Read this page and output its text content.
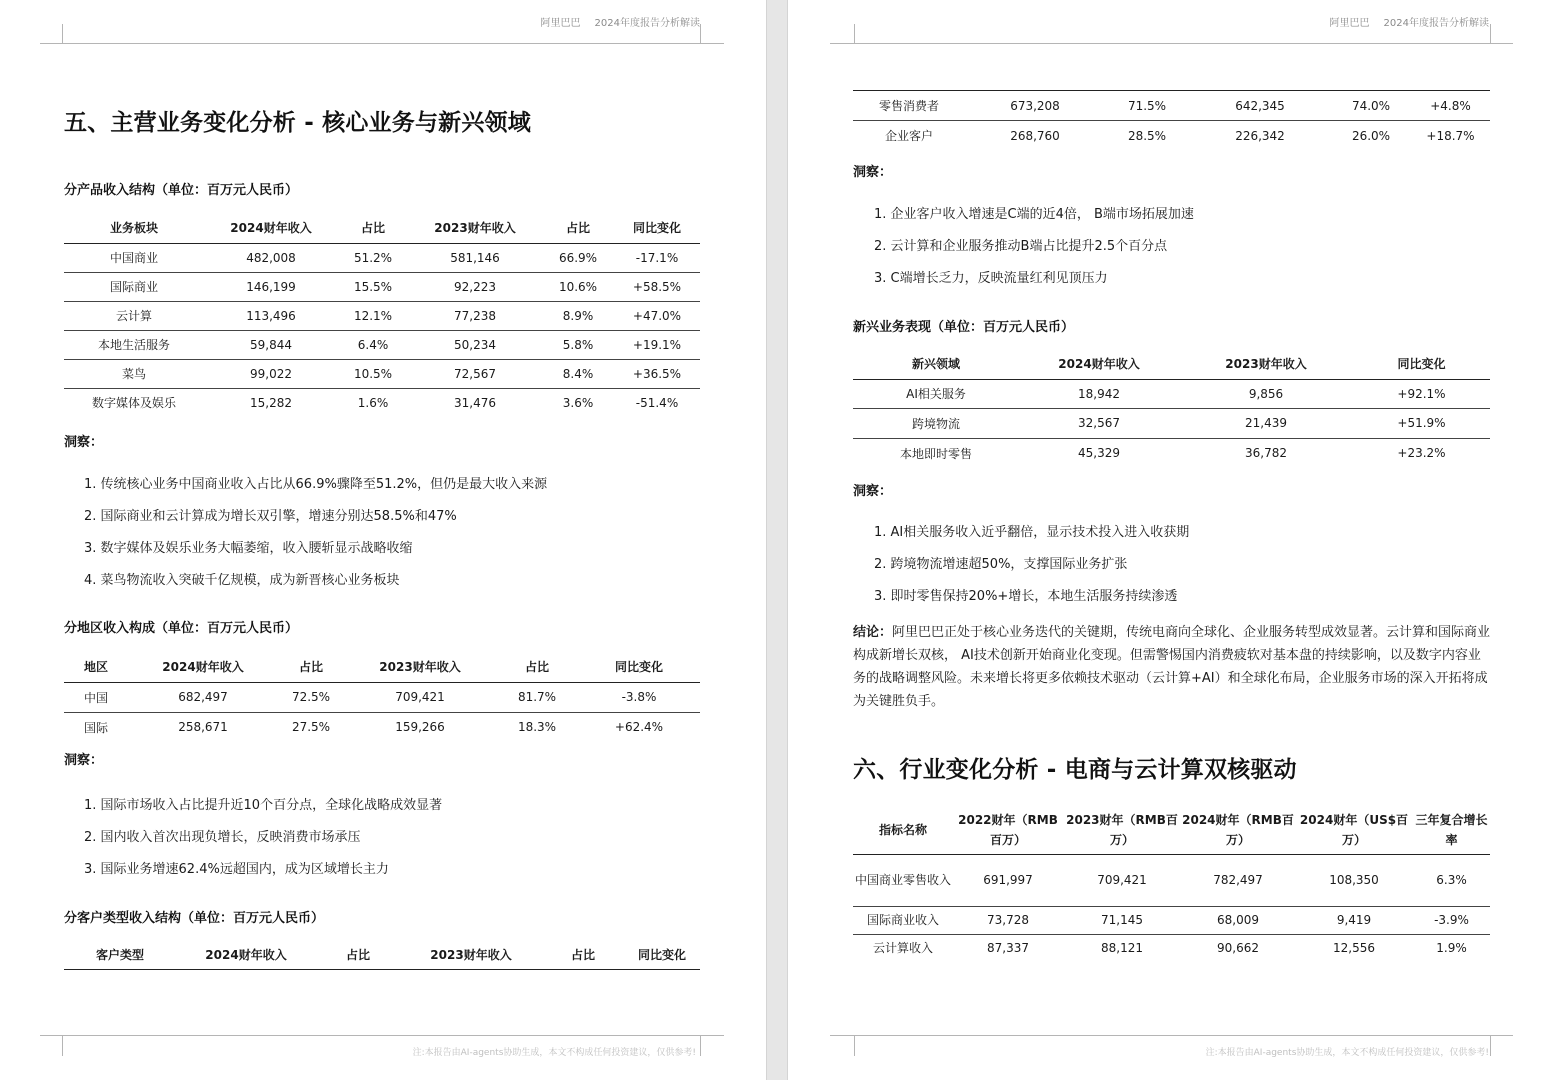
阿里巴巴 2024年度报告分析解读
五、主营业务变化分析 - 核心业务与新兴领域
分产品收入结构（单位：百万元人民币）
业务板块	2024财年收入	占比	2023财年收入	占比	同比变化
中国商业	482,008	51.2%	581,146	66.9%	-17.1%
国际商业	146,199	15.5%	92,223	10.6%	+58.5%
云计算	113,496	12.1%	77,238	8.9%	+47.0%
本地生活服务	59,844	6.4%	50,234	5.8%	+19.1%
菜鸟	99,022	10.5%	72,567	8.4%	+36.5%
数字媒体及娱乐	15,282	1.6%	31,476	3.6%	-51.4%
洞察：
1. 传统核心业务中国商业收入占比从66.9%骤降至51.2%，但仍是最大收入来源
2. 国际商业和云计算成为增长双引擎，增速分别达58.5%和47%
3. 数字媒体及娱乐业务大幅萎缩，收入腰斩显示战略收缩
4. 菜鸟物流收入突破千亿规模，成为新晋核心业务板块
分地区收入构成（单位：百万元人民币）
地区	2024财年收入	占比	2023财年收入	占比	同比变化
中国	682,497	72.5%	709,421	81.7%	-3.8%
国际	258,671	27.5%	159,266	18.3%	+62.4%
洞察：
1. 国际市场收入占比提升近10个百分点，全球化战略成效显著
2. 国内收入首次出现负增长，反映消费市场承压
3. 国际业务增速62.4%远超国内，成为区域增长主力
分客户类型收入结构（单位：百万元人民币）
客户类型	2024财年收入	占比	2023财年收入	占比	同比变化
注:本报告由AI-agents协助生成，本文不构成任何投资建议，仅供参考!
阿里巴巴 2024年度报告分析解读
零售消费者	673,208	71.5%	642,345	74.0%	+4.8%
企业客户	268,760	28.5%	226,342	26.0%	+18.7%
洞察：
1. 企业客户收入增速是C端的近4倍， B端市场拓展加速
2. 云计算和企业服务推动B端占比提升2.5个百分点
3. C端增长乏力，反映流量红利见顶压力
新兴业务表现（单位：百万元人民币）
新兴领域	2024财年收入	2023财年收入	同比变化
AI相关服务	18,942	9,856	+92.1%
跨境物流	32,567	21,439	+51.9%
本地即时零售	45,329	36,782	+23.2%
洞察：
1. AI相关服务收入近乎翻倍，显示技术投入进入收获期
2. 跨境物流增速超50%，支撑国际业务扩张
3. 即时零售保持20%+增长，本地生活服务持续渗透
结论：阿里巴巴正处于核心业务迭代的关键期，传统电商向全球化、企业服务转型成效显著。云计算和国际商业构成新增长双核， AI技术创新开始商业化变现。但需警惕国内消费疲软对基本盘的持续影响，以及数字内容业务的战略调整风险。未来增长将更多依赖技术驱动（云计算+AI）和全球化布局，企业服务市场的深入开拓将成为关键胜负手。
六、行业变化分析 - 电商与云计算双核驱动
指标名称	2022财年（RMB百万）	2023财年（RMB百万）	2024财年（RMB百万）	2024财年（US$百万）	三年复合增长率
中国商业零售收入	691,997	709,421	782,497	108,350	6.3%
国际商业收入	73,728	71,145	68,009	9,419	-3.9%
云计算收入	87,337	88,121	90,662	12,556	1.9%
注:本报告由AI-agents协助生成，本文不构成任何投资建议，仅供参考!
